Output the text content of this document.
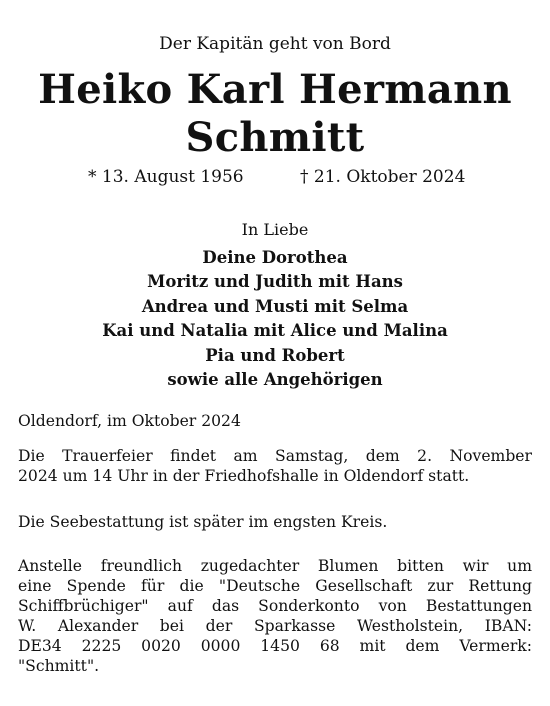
Der Kapitän geht von Bord
Heiko Karl Hermann
Schmitt
* 13. August 1956	† 21. Oktober 2024
In Liebe
Deine Dorothea
Moritz und Judith mit Hans
Andrea und Musti mit Selma
Kai und Natalia mit Alice und Malina
Pia und Robert
sowie alle Angehörigen
Oldendorf, im Oktober 2024
Die Trauerfeier findet am Samstag, dem 2. November
2024 um 14 Uhr in der Friedhofshalle in Oldendorf statt.
Die Seebestattung ist später im engsten Kreis.
Anstelle freundlich zugedachter Blumen bitten wir um
eine Spende für die "Deutsche Gesellschaft zur Rettung
Schiffbrüchiger" auf das Sonderkonto von Bestattungen
W. Alexander bei der Sparkasse Westholstein, IBAN:
DE34 2225 0020 0000 1450 68 mit dem Vermerk:
"Schmitt".
